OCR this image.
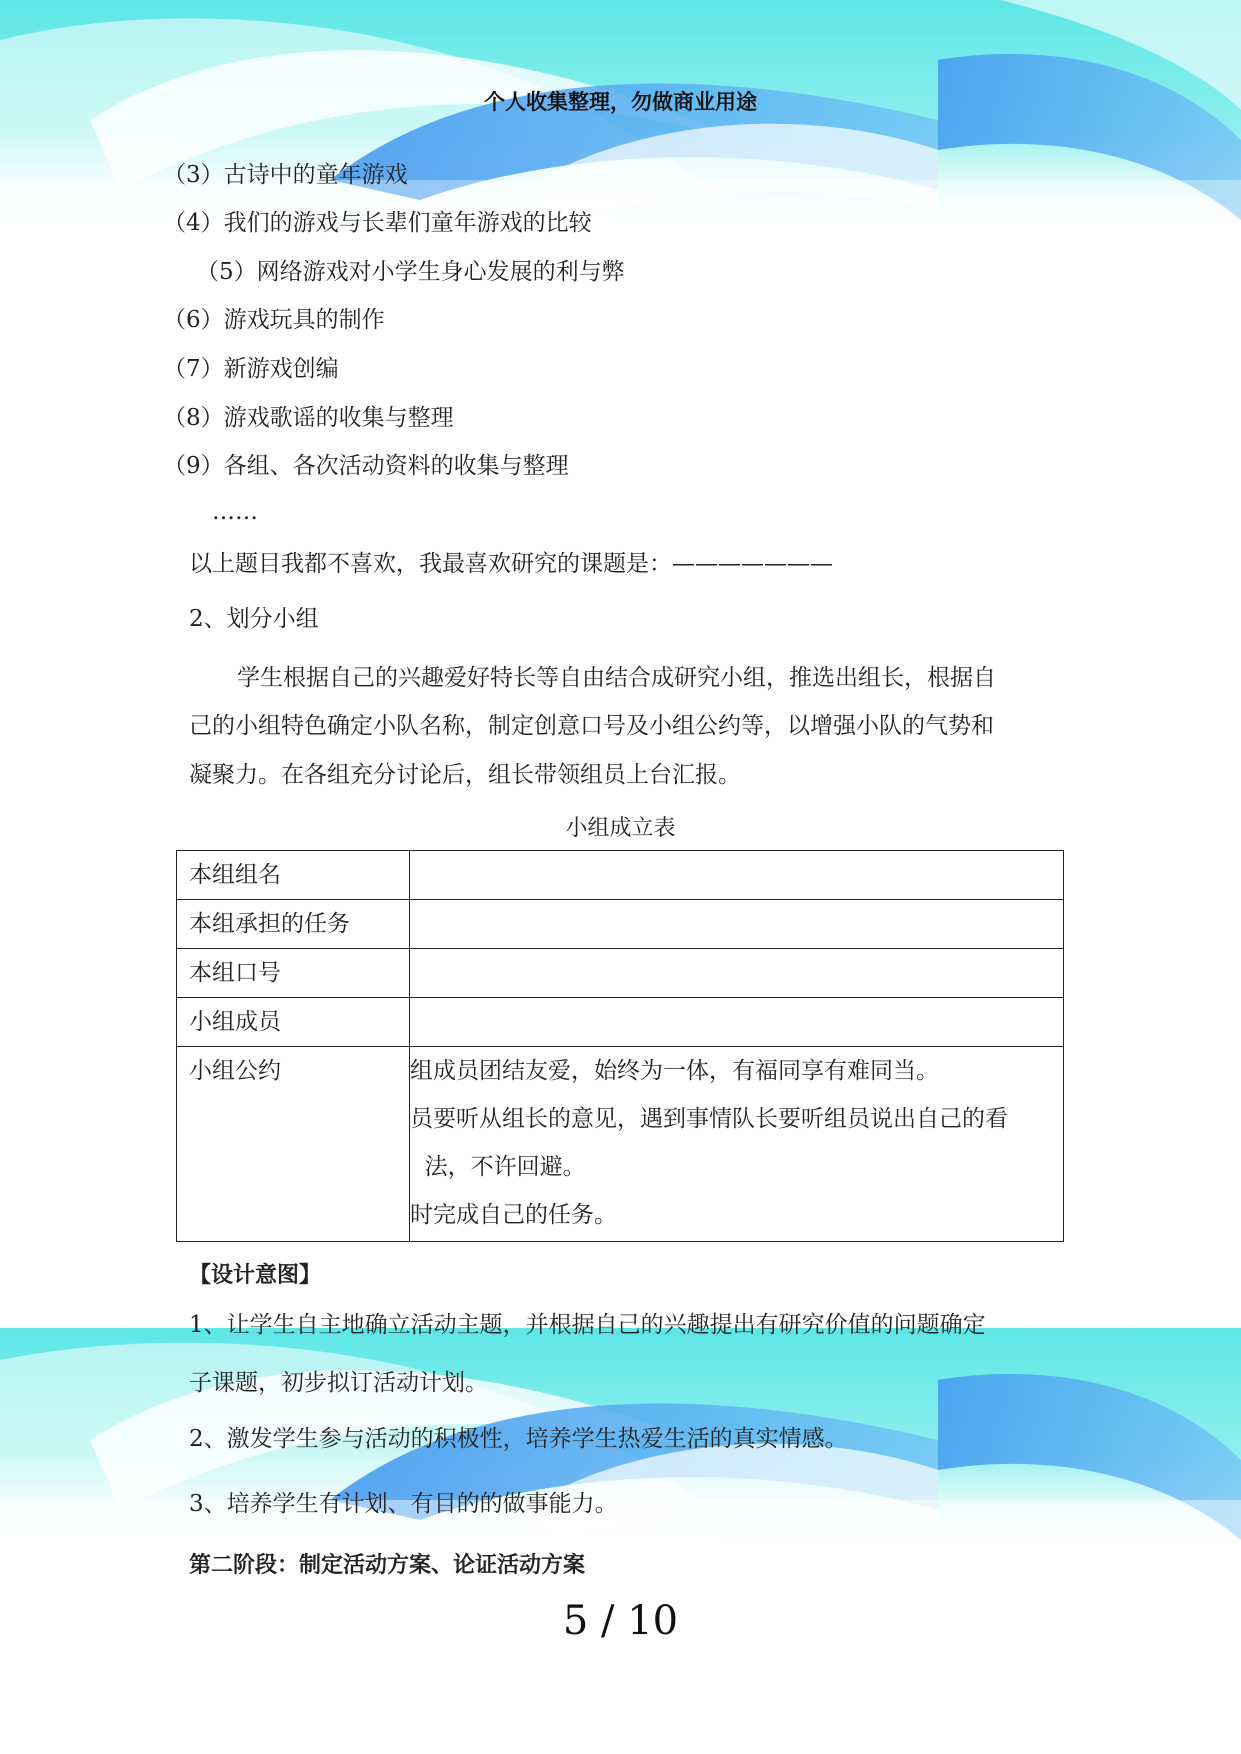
个人收集整理，勿做商业用途
（3）古诗中的童年游戏
（4）我们的游戏与长辈们童年游戏的比较
（5）网络游戏对小学生身心发展的利与弊
（6）游戏玩具的制作
（7）新游戏创编
（8）游戏歌谣的收集与整理
（9）各组、各次活动资料的收集与整理
……
以上题目我都不喜欢，我最喜欢研究的课题是：———————
2、划分小组
学生根据自己的兴趣爱好特长等自由结合成研究小组，推选出组长，根据自
己的小组特色确定小队名称，制定创意口号及小组公约等，以增强小队的气势和
凝聚力。在各组充分讨论后，组长带领组员上台汇报。
小组成立表
本组组名	
本组承担的任务	
本组口号	
小组成员	
小组公约	组成员团结友爱，始终为一体，有福同享有难同当。
员要听从组长的意见，遇到事情队长要听组员说出自己的看
法，不许回避。
时完成自己的任务。
【设计意图】
1、让学生自主地确立活动主题，并根据自己的兴趣提出有研究价值的问题确定
子课题，初步拟订活动计划。
2、激发学生参与活动的积极性，培养学生热爱生活的真实情感。
3、培养学生有计划、有目的的做事能力。
第二阶段：制定活动方案、论证活动方案
5 / 10
